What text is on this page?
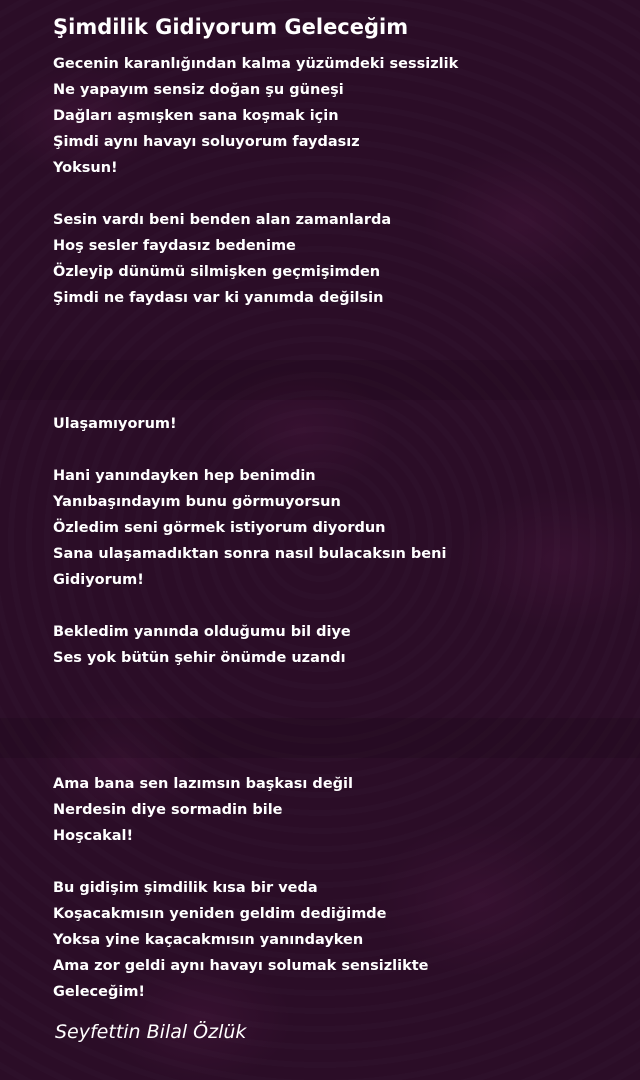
Şimdilik Gidiyorum Geleceğim
Gecenin karanlığından kalma yüzümdeki sessizlik
Ne yapayım sensiz doğan şu güneşi
Dağları aşmışken sana koşmak için
Şimdi aynı havayı soluyorum faydasız
Yoksun!
Sesin vardı beni benden alan zamanlarda
Hoş sesler faydasız bedenime
Özleyip dünümü silmişken geçmişimden
Şimdi ne faydası var ki yanımda değilsin
Ulaşamıyorum!
Hani yanındayken hep benimdin
Yanıbaşındayım bunu görmuyorsun
Özledim seni görmek istiyorum diyordun
Sana ulaşamadıktan sonra nasıl bulacaksın beni
Gidiyorum!
Bekledim yanında olduğumu bil diye
Ses yok bütün şehir önümde uzandı
Ama bana sen lazımsın başkası değil
Nerdesin diye sormadin bile
Hoşcakal!
Bu gidişim şimdilik kısa bir veda
Koşacakmısın yeniden geldim dediğimde
Yoksa yine kaçacakmısın yanındayken
Ama zor geldi aynı havayı solumak sensizlikte
Geleceğim!
Seyfettin Bilal Özlük
